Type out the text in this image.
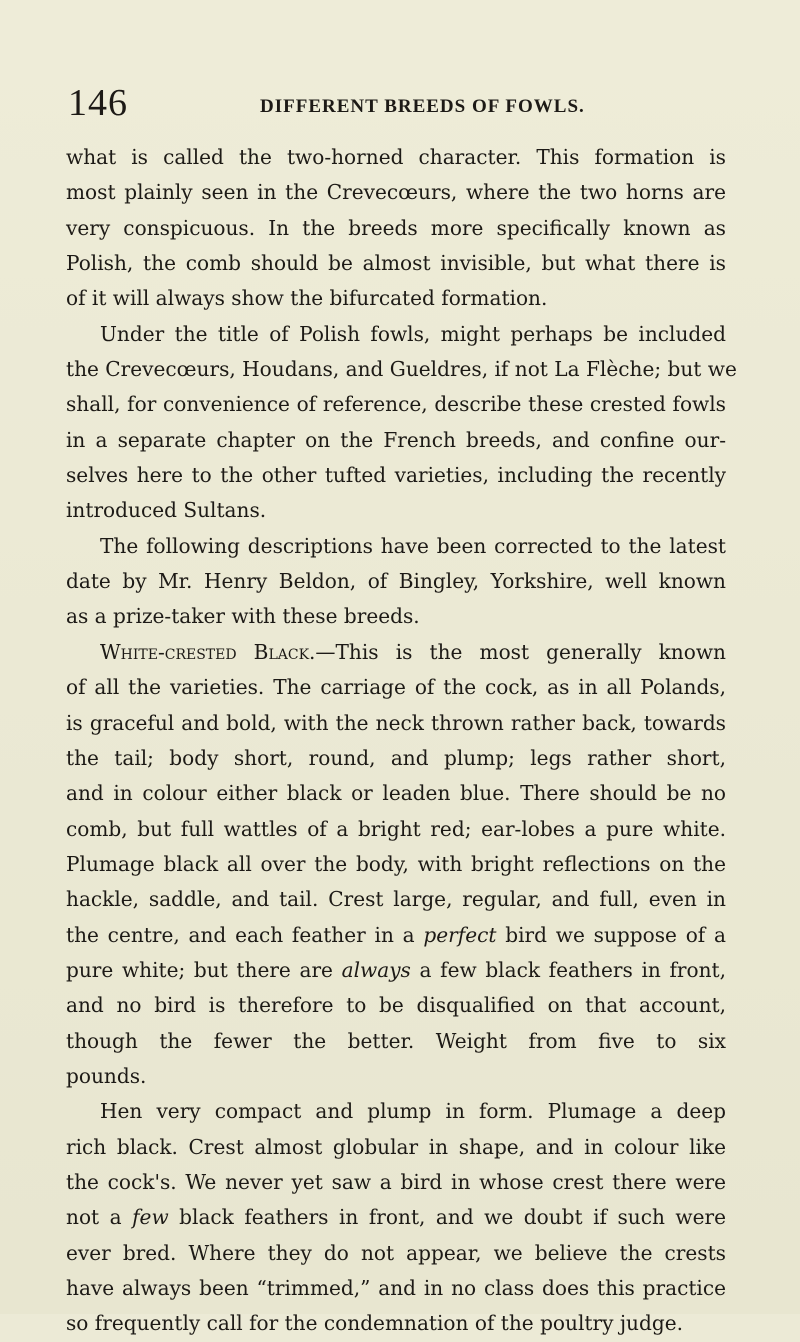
146	DIFFERENT BREEDS OF FOWLS.
what is called the two-horned character. This formation is
most plainly seen in the Crevecœurs, where the two horns are
very conspicuous. In the breeds more specifically known as
Polish, the comb should be almost invisible, but what there is
of it will always show the bifurcated formation.
Under the title of Polish fowls, might perhaps be included
the Crevecœurs, Houdans, and Gueldres, if not La Flèche; but we
shall, for convenience of reference, describe these crested fowls
in a separate chapter on the French breeds, and confine our-
selves here to the other tufted varieties, including the recently
introduced Sultans.
The following descriptions have been corrected to the latest
date by Mr. Henry Beldon, of Bingley, Yorkshire, well known
as a prize-taker with these breeds.
White-crested Black.—This is the most generally known
of all the varieties. The carriage of the cock, as in all Polands,
is graceful and bold, with the neck thrown rather back, towards
the tail; body short, round, and plump; legs rather short,
and in colour either black or leaden blue. There should be no
comb, but full wattles of a bright red; ear-lobes a pure white.
Plumage black all over the body, with bright reflections on the
hackle, saddle, and tail. Crest large, regular, and full, even in
the centre, and each feather in a perfect bird we suppose of a
pure white; but there are always a few black feathers in front,
and no bird is therefore to be disqualified on that account,
though the fewer the better. Weight from five to six
pounds.
Hen very compact and plump in form. Plumage a deep
rich black. Crest almost globular in shape, and in colour like
the cock's. We never yet saw a bird in whose crest there were
not a few black feathers in front, and we doubt if such were
ever bred. Where they do not appear, we believe the crests
have always been “trimmed,” and in no class does this practice
so frequently call for the condemnation of the poultry judge.
